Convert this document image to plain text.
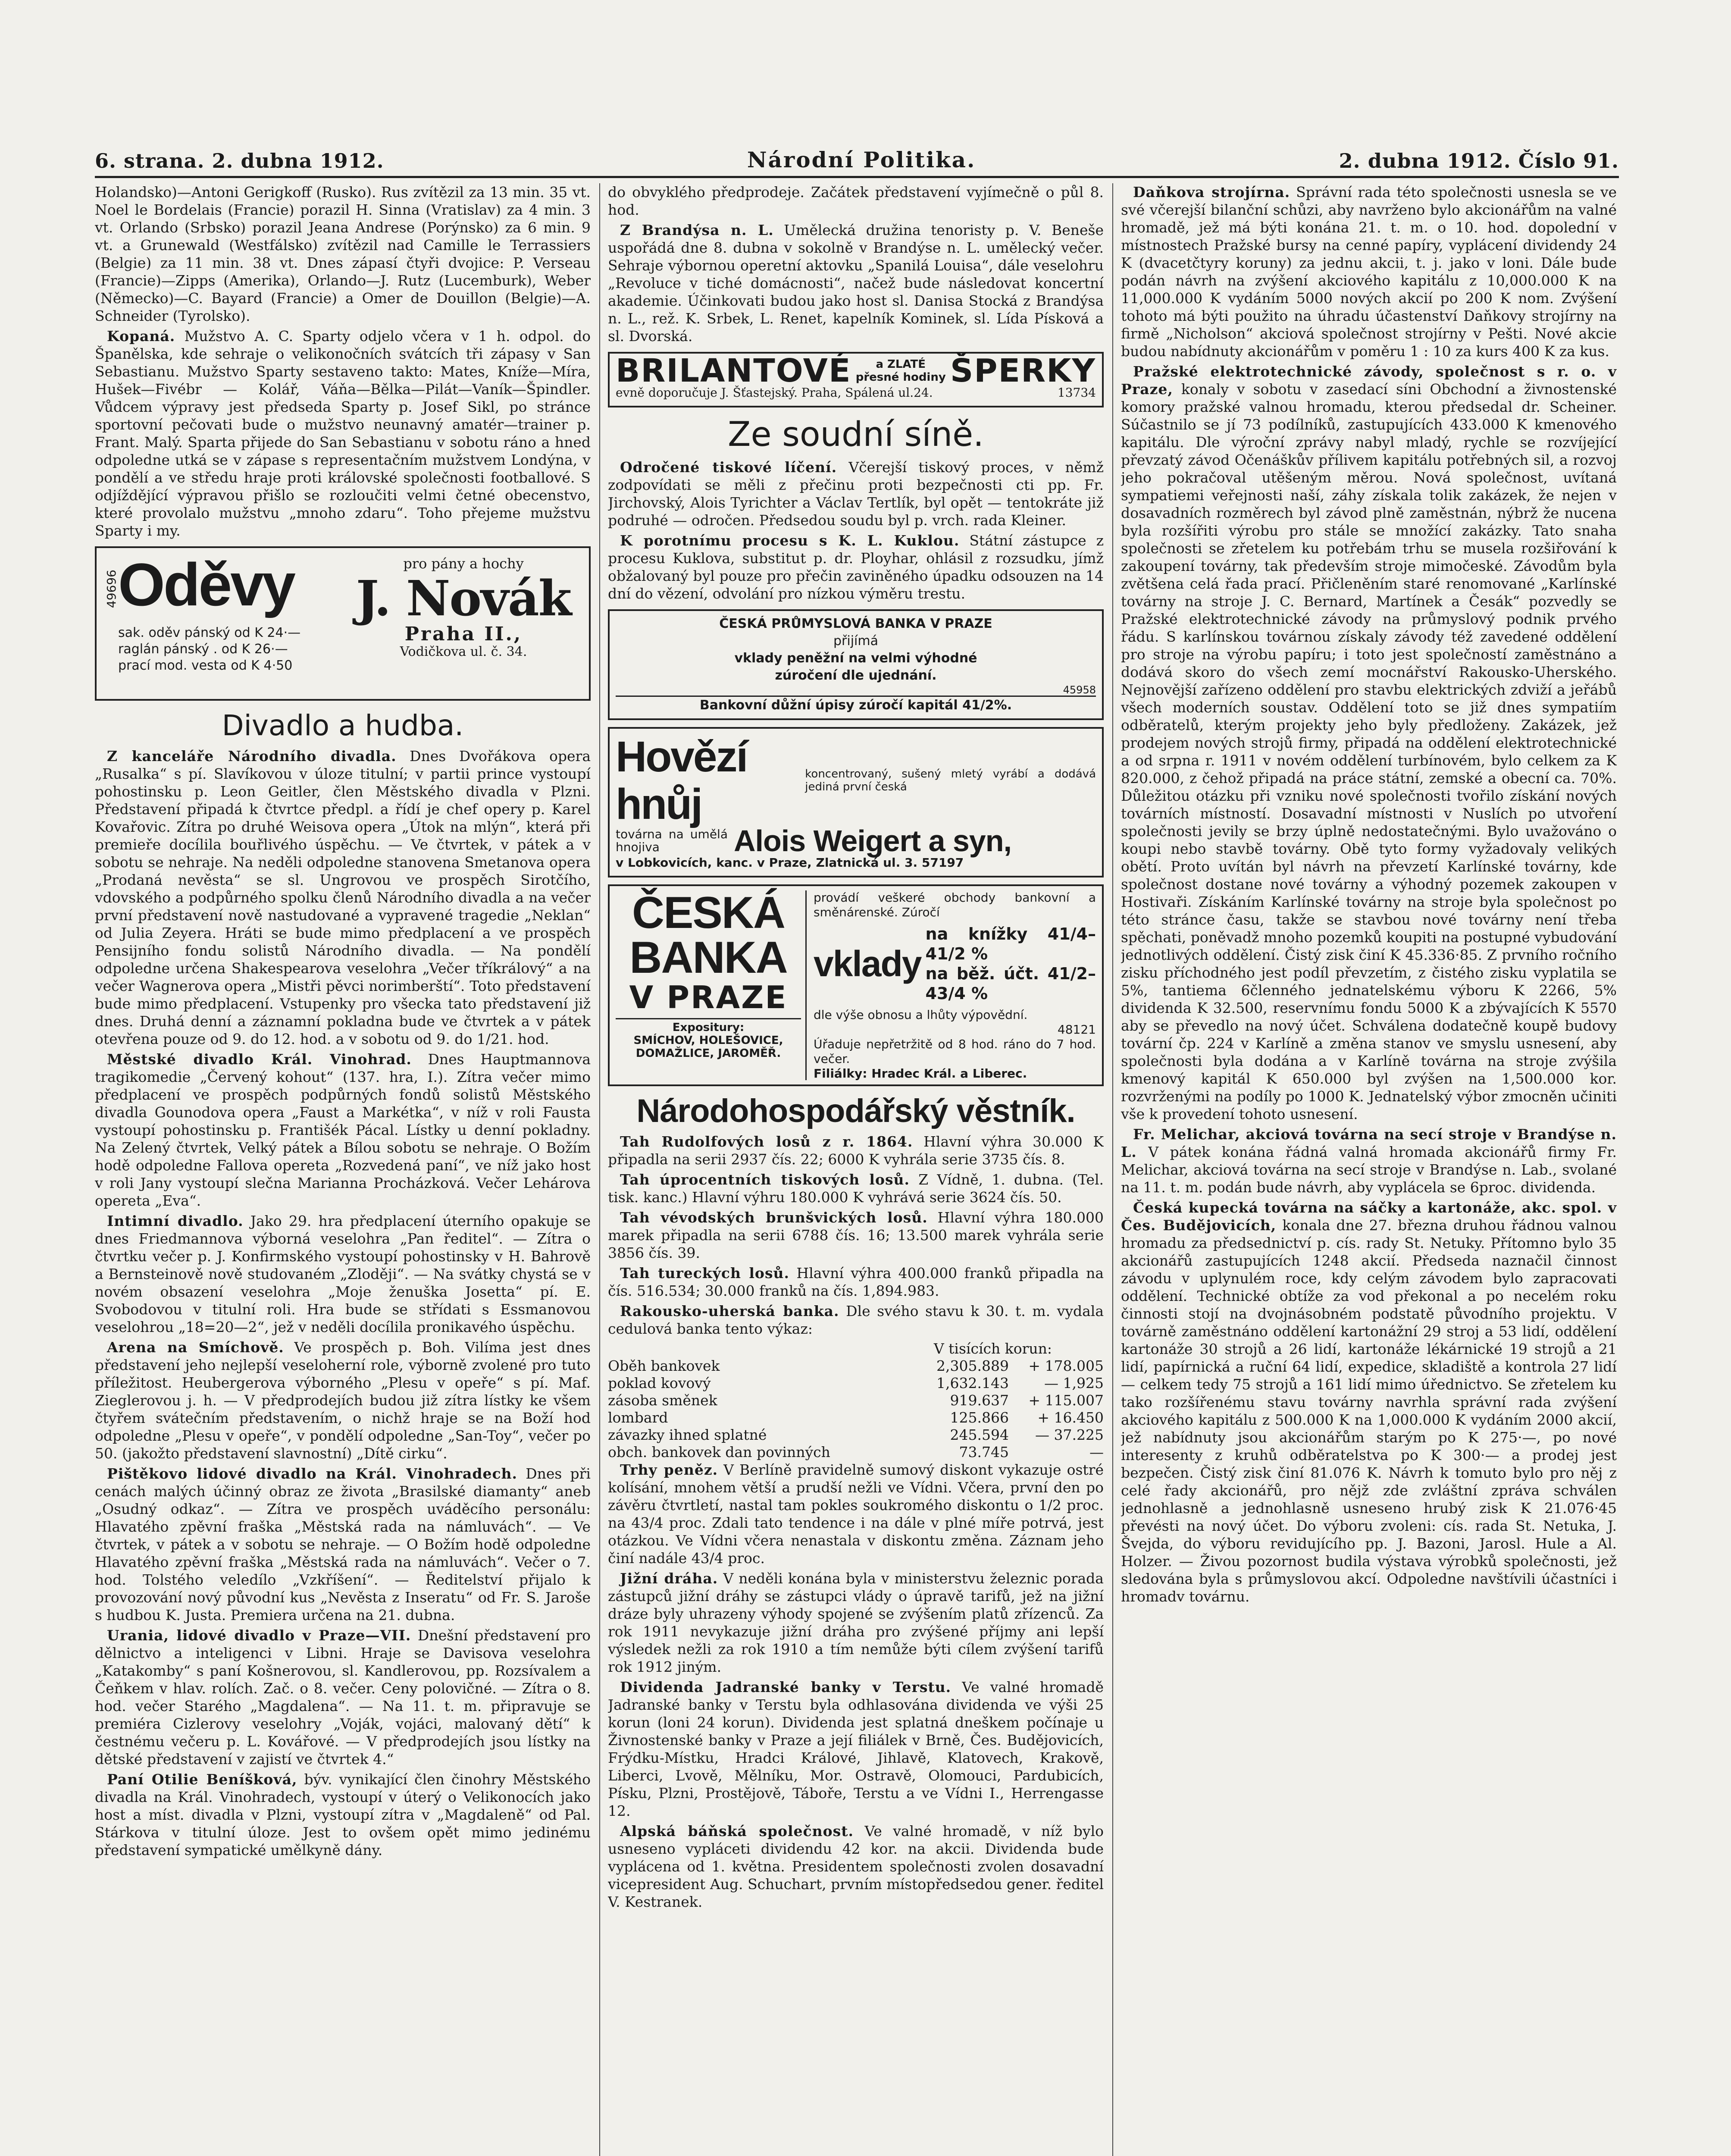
6. strana. 2. dubna 1912.	Národní Politika.	2. dubna 1912. Číslo 91.

Holandsko)—Antoni Gerigkoff (Rusko). Rus zvítězil za 13 min. 35 vt. Noel le Bordelais (Francie) porazil H. Sinna (Vratislav) za 4 min. 3 vt. Orlando (Srbsko) porazil Jeana Andrese (Porýnsko) za 6 min. 9 vt. a Grunewald (Westfálsko) zvítězil nad Camille le Terrassiers (Belgie) za 11 min. 38 vt. Dnes zápasí čtyři dvojice: P. Verseau (Francie)—Zipps (Amerika), Orlando—J. Rutz (Lucemburk), Weber (Německo)—C. Bayard (Francie) a Omer de Douillon (Belgie)—A. Schneider (Tyrolsko).

Kopaná. Mužstvo A. C. Sparty odjelo včera v 1 h. odpol. do Španělska, kde sehraje o velikonočních svátcích tři zápasy v San Sebastianu. Mužstvo Sparty sestaveno takto: Mates, Kníže—Míra, Hušek—Fivébr — Kolář, Váňa—Bělka—Pilát—Vaník—Špindler. Vůdcem výpravy jest předseda Sparty p. Josef Sikl, po stránce sportovní pečovati bude o mužstvo neunavný amatér—trainer p. Frant. Malý. Sparta přijede do San Sebastianu v sobotu ráno a hned odpoledne utká se v zápase s representačním mužstvem Londýna, v pondělí a ve středu hraje proti královské společnosti footballové. S odjíždějící výpravou přišlo se rozloučiti velmi četné obecenstvo, které provolalo mužstvu „mnoho zdaru“. Toho přejeme mužstvu Sparty i my.

49696 Oděvy
sak. oděv pánský od K 24·—
raglán pánský . od K 26·—
prací mod. vesta od K 4·50
pro pány a hochy
J. Novák
Praha II.,
Vodičkova ul. č. 34.
Divadlo a hudba.

Z kanceláře Národního divadla. Dnes Dvořákova opera „Rusalka“ s pí. Slavíkovou v úloze titulní; v partii prince vystoupí pohostinsku p. Leon Geitler, člen Městského divadla v Plzni. Představení připadá k čtvrtce předpl. a řídí je chef opery p. Karel Kovařovic. Zítra po druhé Weisova opera „Útok na mlýn“, která při premieře docílila bouřlivého úspěchu. — Ve čtvrtek, v pátek a v sobotu se nehraje. Na neděli odpoledne stanovena Smetanova opera „Prodaná nevěsta“ se sl. Ungrovou ve prospěch Sirotčího, vdovského a podpůrného spolku členů Národního divadla a na večer první představení nově nastudované a vypravené tragedie „Neklan“ od Julia Zeyera. Hráti se bude mimo předplacení a ve prospěch Pensijního fondu solistů Národního divadla. — Na pondělí odpoledne určena Shakespearova veselohra „Večer tříkrálový“ a na večer Wagnerova opera „Mistři pěvci norimberští“. Toto představení bude mimo předplacení. Vstupenky pro všecka tato představení již dnes. Druhá denní a záznamní pokladna bude ve čtvrtek a v pátek otevřena pouze od 9. do 12. hod. a v sobotu od 9. do 1/21. hod.

Městské divadlo Král. Vinohrad. Dnes Hauptmannova tragikomedie „Červený kohout“ (137. hra, I.). Zítra večer mimo předplacení ve prospěch podpůrných fondů solistů Městského divadla Gounodova opera „Faust a Markétka“, v níž v roli Fausta vystoupí pohostinsku p. Františék Pácal. Lístky u denní pokladny. Na Zelený čtvrtek, Velký pátek a Bílou sobotu se nehraje. O Božím hodě odpoledne Fallova opereta „Rozvedená paní“, ve níž jako host v roli Jany vystoupí slečna Marianna Procházková. Večer Lehárova opereta „Eva“.

Intimní divadlo. Jako 29. hra předplacení úterního opakuje se dnes Friedmannova výborná veselohra „Pan ředitel“. — Zítra o čtvrtku večer p. J. Konfirmského vystoupí pohostinsky v H. Bahrově a Bernsteinově nově studovaném „Zloději“. — Na svátky chystá se v novém obsazení veselohra „Moje ženuška Josetta“ pí. E. Svobodovou v titulní roli. Hra bude se střídati s Essmanovou veselohrou „18=20—2“, jež v neděli docílila pronikavého úspěchu.

Arena na Smíchově. Ve prospěch p. Boh. Vilíma jest dnes představení jeho nejlepší veseloherní role, výborně zvolené pro tuto příležitost. Heubergerova výborného „Plesu v opeře“ s pí. Maf. Zieglerovou j. h. — V předprodejích budou již zítra lístky ke všem čtyřem svátečním představením, o nichž hraje se na Boží hod odpoledne „Plesu v opeře“, v pondělí odpoledne „San-Toy“, večer po 50. (jakožto představení slavnostní) „Dítě cirku“.

Pištěkovo lidové divadlo na Král. Vinohradech. Dnes při cenách malých účinný obraz ze života „Brasilské diamanty“ aneb „Osudný odkaz“. — Zítra ve prospěch uváděcího personálu: Hlavatého zpěvní fraška „Městská rada na námluvách“. — Ve čtvrtek, v pátek a v sobotu se nehraje. — O Božím hodě odpoledne Hlavatého zpěvní fraška „Městská rada na námluvách“. Večer o 7. hod. Tolstého veledílo „Vzkříšení“. — Ředitelství přijalo k provozování nový původní kus „Nevěsta z Inseratu“ od Fr. S. Jaroše s hudbou K. Justa. Premiera určena na 21. dubna.

Urania, lidové divadlo v Praze—VII. Dnešní představení pro dělnictvo a inteligenci v Libni. Hraje se Davisova veselohra „Katakomby“ s paní Košnerovou, sl. Kandlerovou, pp. Rozsívalem a Čeňkem v hlav. rolích. Zač. o 8. večer. Ceny polovičné. — Zítra o 8. hod. večer Starého „Magdalena“. — Na 11. t. m. připravuje se premiéra Cizlerovy veselohry „Voják, vojáci, malovaný dětí“ k čestnému večeru p. L. Kovářové. — V předprodejích jsou lístky na dětské představení v zajistí ve čtvrtek 4.“

Paní Otilie Beníšková, býv. vynikající člen činohry Městského divadla na Král. Vinohradech, vystoupí v úterý o Velikonocích jako host a míst. divadla v Plzni, vystoupí zítra v „Magdaleně“ od Pal. Stárkova v titulní úloze. Jest to ovšem opět mimo jedinému představení sympatické umělkyně dány.

do obvyklého předprodeje. Začátek představení vyjímečně o půl 8. hod.

Z Brandýsa n. L. Umělecká družina tenoristy p. V. Beneše uspořádá dne 8. dubna v sokolně v Brandýse n. L. umělecký večer. Sehraje výbornou operetní aktovku „Spanilá Louisa“, dále veselohru „Revoluce v tiché domácnosti“, načež bude následovat koncertní akademie. Účinkovati budou jako host sl. Danisa Stocká z Brandýsa n. L., rež. K. Srbek, L. Renet, kapelník Kominek, sl. Lída Písková a sl. Dvorská.

BRILANTOVÉ	a ZLATÉ
přesné hodiny ŠPERKY
evně doporučuje J. Šťastejský. Praha, Spálená ul.24.	13734
Ze soudní síně.

Odročené tiskové líčení. Včerejší tiskový proces, v němž zodpovídati se měli z přečinu proti bezpečnosti cti pp. Fr. Jirchovský, Alois Tyrichter a Václav Tertlík, byl opět — tentokráte již podruhé — odročen. Předsedou soudu byl p. vrch. rada Kleiner.

K porotnímu procesu s K. L. Kuklou. Státní zástupce z procesu Kuklova, substitut p. dr. Ployhar, ohlásil z rozsudku, jímž obžalovaný byl pouze pro přečin zaviněného úpadku odsouzen na 14 dní do vězení, odvolání pro nízkou výměru trestu.

ČESKÁ PRŮMYSLOVÁ BANKA V PRAZE
přijímá
vklady peněžní na velmi výhodné
zúročení dle ujednání.
45958
Bankovní důžní úpisy zúročí kapitál 41/2%.
Hovězí hnůj
koncentrovaný, sušený mletý vyrábí a dodává jediná první česká
továrna na umělá hnojiva	Alois Weigert a syn,
v Lobkovicích, kanc. v Praze, Zlatnická ul. 3. 57197
ČESKÁ
BANKA
V PRAZE
Expositury:
SMÍCHOV, HOLEŠOVICE, DOMAŽLICE, JAROMĚŘ.
provádí veškeré obchody bankovní a směnárenské. Zúročí
vklady
na knížky 41/4–41/2 %
na běž. účt. 41/2–43/4 %
dle výše obnosu a lhůty výpovědní.
48121
Úřaduje nepřetržitě od 8 hod. ráno do 7 hod. večer.
Filiálky: Hradec Král. a Liberec.
Národohospodářský věstník.

Tah Rudolfových losů z r. 1864. Hlavní výhra 30.000 K připadla na serii 2937 čís. 22; 6000 K vyhrála serie 3735 čís. 8.

Tah úprocentních tiskových losů. Z Vídně, 1. dubna. (Tel. tisk. kanc.) Hlavní výhru 180.000 K vyhrává serie 3624 čís. 50.

Tah vévodských brunšvických losů. Hlavní výhra 180.000 marek připadla na serii 6788 čís. 16; 13.500 marek vyhrála serie 3856 čís. 39.

Tah tureckých losů. Hlavní výhra 400.000 franků připadla na čís. 516.534; 30.000 franků na čís. 1,894.983.

Rakousko-uherská banka. Dle svého stavu k 30. t. m. vydala cedulová banka tento výkaz:

V tisících korun:
Oběh bankovek	2,305.889	+ 178.005
poklad kovový	1,632.143	— 1,925
zásoba směnek	919.637	+ 115.007
lombard	125.866	+ 16.450
závazky ihned splatné	245.594	— 37.225
obch. bankovek dan povinných	73.745	—

Trhy peněz. V Berlíně pravidelně sumový diskont vykazuje ostré kolísání, mnohem větší a prudší nežli ve Vídni. Včera, první den po závěru čtvrtletí, nastal tam pokles soukromého diskontu o 1/2 proc. na 43/4 proc. Zdali tato tendence i na dále v plné míře potrvá, jest otázkou. Ve Vídni včera nenastala v diskontu změna. Záznam jeho činí nadále 43/4 proc.

Jižní dráha. V neděli konána byla v ministerstvu železnic porada zástupců jižní dráhy se zástupci vlády o úpravě tarifů, jež na jižní dráze byly uhrazeny výhody spojené se zvýšením platů zřízenců. Za rok 1911 nevykazuje jižní dráha pro zvýšené příjmy ani lepší výsledek nežli za rok 1910 a tím nemůže býti cílem zvýšení tarifů rok 1912 jiným.

Dividenda Jadranské banky v Terstu. Ve valné hromadě Jadranské banky v Terstu byla odhlasována dividenda ve výši 25 korun (loni 24 korun). Dividenda jest splatná dneškem počínaje u Živnostenské banky v Praze a její filiálek v Brně, Čes. Budějovicích, Frýdku-Místku, Hradci Králové, Jihlavě, Klatovech, Krakově, Liberci, Lvově, Mělníku, Mor. Ostravě, Olomouci, Pardubicích, Písku, Plzni, Prostějově, Táboře, Terstu a ve Vídni I., Herrengasse 12.

Alpská báňská společnost. Ve valné hromadě, v níž bylo usneseno vypláceti dividendu 42 kor. na akcii. Dividenda bude vyplácena od 1. května. Presidentem společnosti zvolen dosavadní vicepresident Aug. Schuchart, prvním místopředsedou gener. ředitel V. Kestranek.

Daňkova strojírna. Správní rada této společnosti usnesla se ve své včerejší bilanční schůzi, aby navrženo bylo akcionářům na valné hromadě, jež má býti konána 21. t. m. o 10. hod. dopolední v místnostech Pražské bursy na cenné papíry, vyplácení dividendy 24 K (dvacetčtyry koruny) za jednu akcii, t. j. jako v loni. Dále bude podán návrh na zvýšení akciového kapitálu z 10,000.000 K na 11,000.000 K vydáním 5000 nových akcií po 200 K nom. Zvýšení tohoto má býti použito na úhradu účastenství Daňkovy strojírny na firmě „Nicholson“ akciová společnost strojírny v Pešti. Nové akcie budou nabídnuty akcionářům v poměru 1 : 10 za kurs 400 K za kus.

Pražské elektrotechnické závody, společnost s r. o. v Praze, konaly v sobotu v zasedací síni Obchodní a živnostenské komory pražské valnou hromadu, kterou předsedal dr. Scheiner. Súčastnilo se jí 73 podílníků, zastupujících 433.000 K kmenového kapitálu. Dle výroční zprávy nabyl mladý, rychle se rozvíjející převzatý závod Očenáškův přílivem kapitálu potřebných sil, a rozvoj jeho pokračoval utěšeným měrou. Nová společnost, uvítaná sympatiemi veřejnosti naší, záhy získala tolik zakázek, že nejen v dosavadních rozměrech byl závod plně zaměstnán, nýbrž že nucena byla rozšířiti výrobu pro stále se množící zakázky. Tato snaha společnosti se zřetelem ku potřebám trhu se musela rozšiřování k zakoupení továrny, tak především stroje mimočeské. Závodům byla zvětšena celá řada prací. Přičleněním staré renomované „Karlínské továrny na stroje J. C. Bernard, Martínek a Česák“ pozvedly se Pražské elektrotechnické závody na průmyslový podnik prvého řádu. S karlínskou továrnou získaly závody též zavedené oddělení pro stroje na výrobu papíru; i toto jest společností zaměstnáno a dodává skoro do všech zemí mocnářství Rakousko-Uherského. Nejnovější zařízeno oddělení pro stavbu elektrických zdviží a jeřábů všech moderních soustav. Oddělení toto se již dnes sympatiím odběratelů, kterým projekty jeho byly předloženy. Zakázek, jež prodejem nových strojů firmy, připadá na oddělení elektrotechnické a od srpna r. 1911 v novém oddělení turbínovém, bylo celkem za K 820.000, z čehož připadá na práce státní, zemské a obecní ca. 70%. Důležitou otázku při vzniku nové společnosti tvořilo získání nových továrních místností. Dosavadní místnosti v Nuslích po utvoření společnosti jevily se brzy úplně nedostatečnými. Bylo uvažováno o koupi nebo stavbě továrny. Obě tyto formy vyžadovaly velikých obětí. Proto uvítán byl návrh na převzetí Karlínské továrny, kde společnost dostane nové továrny a výhodný pozemek zakoupen v Hostivaři. Získáním Karlínské továrny na stroje byla společnost po této stránce času, takže se stavbou nové továrny není třeba spěchati, poněvadž mnoho pozemků koupiti na postupné vybudování jednotlivých oddělení. Čistý zisk činí K 45.336·85. Z prvního ročního zisku příchodného jest podíl převzetím, z čistého zisku vyplatila se 5%, tantiema 6členného jednatelskému výboru K 2266, 5% dividenda K 32.500, reservnímu fondu 5000 K a zbývajících K 5570 aby se převedlo na nový účet. Schválena dodatečně koupě budovy tovární čp. 224 v Karlíně a změna stanov ve smyslu usnesení, aby společnosti byla dodána a v Karlíně továrna na stroje zvýšila kmenový kapitál K 650.000 byl zvýšen na 1,500.000 kor. rozvrženými na podíly po 1000 K. Jednatelský výbor zmocněn učiniti vše k provedení tohoto usnesení.

Fr. Melichar, akciová továrna na secí stroje v Brandýse n. L. V pátek konána řádná valná hromada akcionářů firmy Fr. Melichar, akciová továrna na secí stroje v Brandýse n. Lab., svolané na 11. t. m. podán bude návrh, aby vyplácela se 6proc. dividenda.

Česká kupecká továrna na sáčky a kartonáže, akc. spol. v Čes. Budějovicích, konala dne 27. března druhou řádnou valnou hromadu za předsednictví p. cís. rady St. Netuky. Přítomno bylo 35 akcionářů zastupujících 1248 akcií. Předseda naznačil činnost závodu v uplynulém roce, kdy celým závodem bylo zapracovati oddělení. Technické obtíže za vod překonal a po necelém roku činnosti stojí na dvojnásobném podstatě původního projektu. V továrně zaměstnáno oddělení kartonážní 29 stroj a 53 lidí, oddělení kartonáže 30 strojů a 26 lidí, kartonáže lékárnické 19 strojů a 21 lidí, papírnická a ruční 64 lidí, expedice, skladiště a kontrola 27 lidí — celkem tedy 75 strojů a 161 lidí mimo úřednictvo. Se zřetelem ku tako rozšířenému stavu továrny navrhla správní rada zvýšení akciového kapitálu z 500.000 K na 1,000.000 K vydáním 2000 akcií, jež nabídnuty jsou akcionářům starým po K 275·—, po nové interesenty z kruhů odběratelstva po K 300·— a prodej jest bezpečen. Čistý zisk činí 81.076 K. Návrh k tomuto bylo pro něj z celé řady akcionářů, pro nějž zde zvláštní zpráva schválen jednohlasně a jednohlasně usneseno hrubý zisk K 21.076·45 převésti na nový účet. Do výboru zvoleni: cís. rada St. Netuka, J. Švejda, do výboru revidujícího pp. J. Bazoni, Jarosl. Hule a Al. Holzer. — Živou pozornost budila výstava výrobků společnosti, jež sledována byla s průmyslovou akcí. Odpoledne navštívili účastníci i hromadv továrnu.
